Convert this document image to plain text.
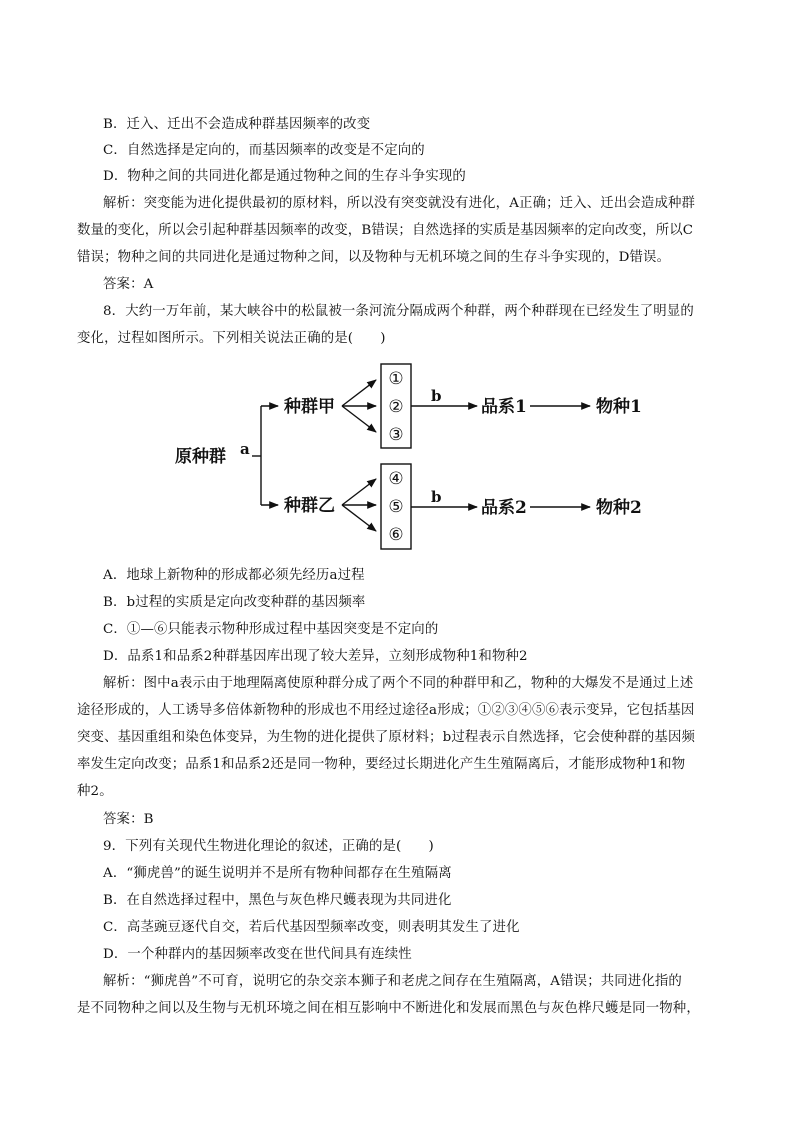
B．迁入、迁出不会造成种群基因频率的改变
C．自然选择是定向的，而基因频率的改变是不定向的
D．物种之间的共同进化都是通过物种之间的生存斗争实现的
解析：突变能为进化提供最初的原材料，所以没有突变就没有进化，A正确；迁入、迁出会造成种群
数量的变化，所以会引起种群基因频率的改变，B错误；自然选择的实质是基因频率的定向改变，所以C
错误；物种之间的共同进化是通过物种之间，以及物种与无机环境之间的生存斗争实现的，D错误。
答案：A
8．大约一万年前，某大峡谷中的松鼠被一条河流分隔成两个种群，两个种群现在已经发生了明显的
变化，过程如图所示。下列相关说法正确的是(　　)
原种群 a
种群甲
种群乙
b
b
品系1
品系2
物种1
物种2
①
②
③
④
⑤
⑥
A．地球上新物种的形成都必须先经历a过程
B．b过程的实质是定向改变种群的基因频率
C．①—⑥只能表示物种形成过程中基因突变是不定向的
D．品系1和品系2种群基因库出现了较大差异，立刻形成物种1和物种2
解析：图中a表示由于地理隔离使原种群分成了两个不同的种群甲和乙，物种的大爆发不是通过上述
途径形成的，人工诱导多倍体新物种的形成也不用经过途径a形成；①②③④⑤⑥表示变异，它包括基因
突变、基因重组和染色体变异，为生物的进化提供了原材料；b过程表示自然选择，它会使种群的基因频
率发生定向改变；品系1和品系2还是同一物种，要经过长期进化产生生殖隔离后，才能形成物种1和物
种2。
答案：B
9．下列有关现代生物进化理论的叙述，正确的是(　　)
A．“狮虎兽”的诞生说明并不是所有物种间都存在生殖隔离
B．在自然选择过程中，黑色与灰色桦尺蠖表现为共同进化
C．高茎豌豆逐代自交，若后代基因型频率改变，则表明其发生了进化
D．一个种群内的基因频率改变在世代间具有连续性
解析：“狮虎兽”不可育，说明它的杂交亲本狮子和老虎之间存在生殖隔离，A错误；共同进化指的
是不同物种之间以及生物与无机环境之间在相互影响中不断进化和发展而黑色与灰色桦尺蠖是同一物种，
